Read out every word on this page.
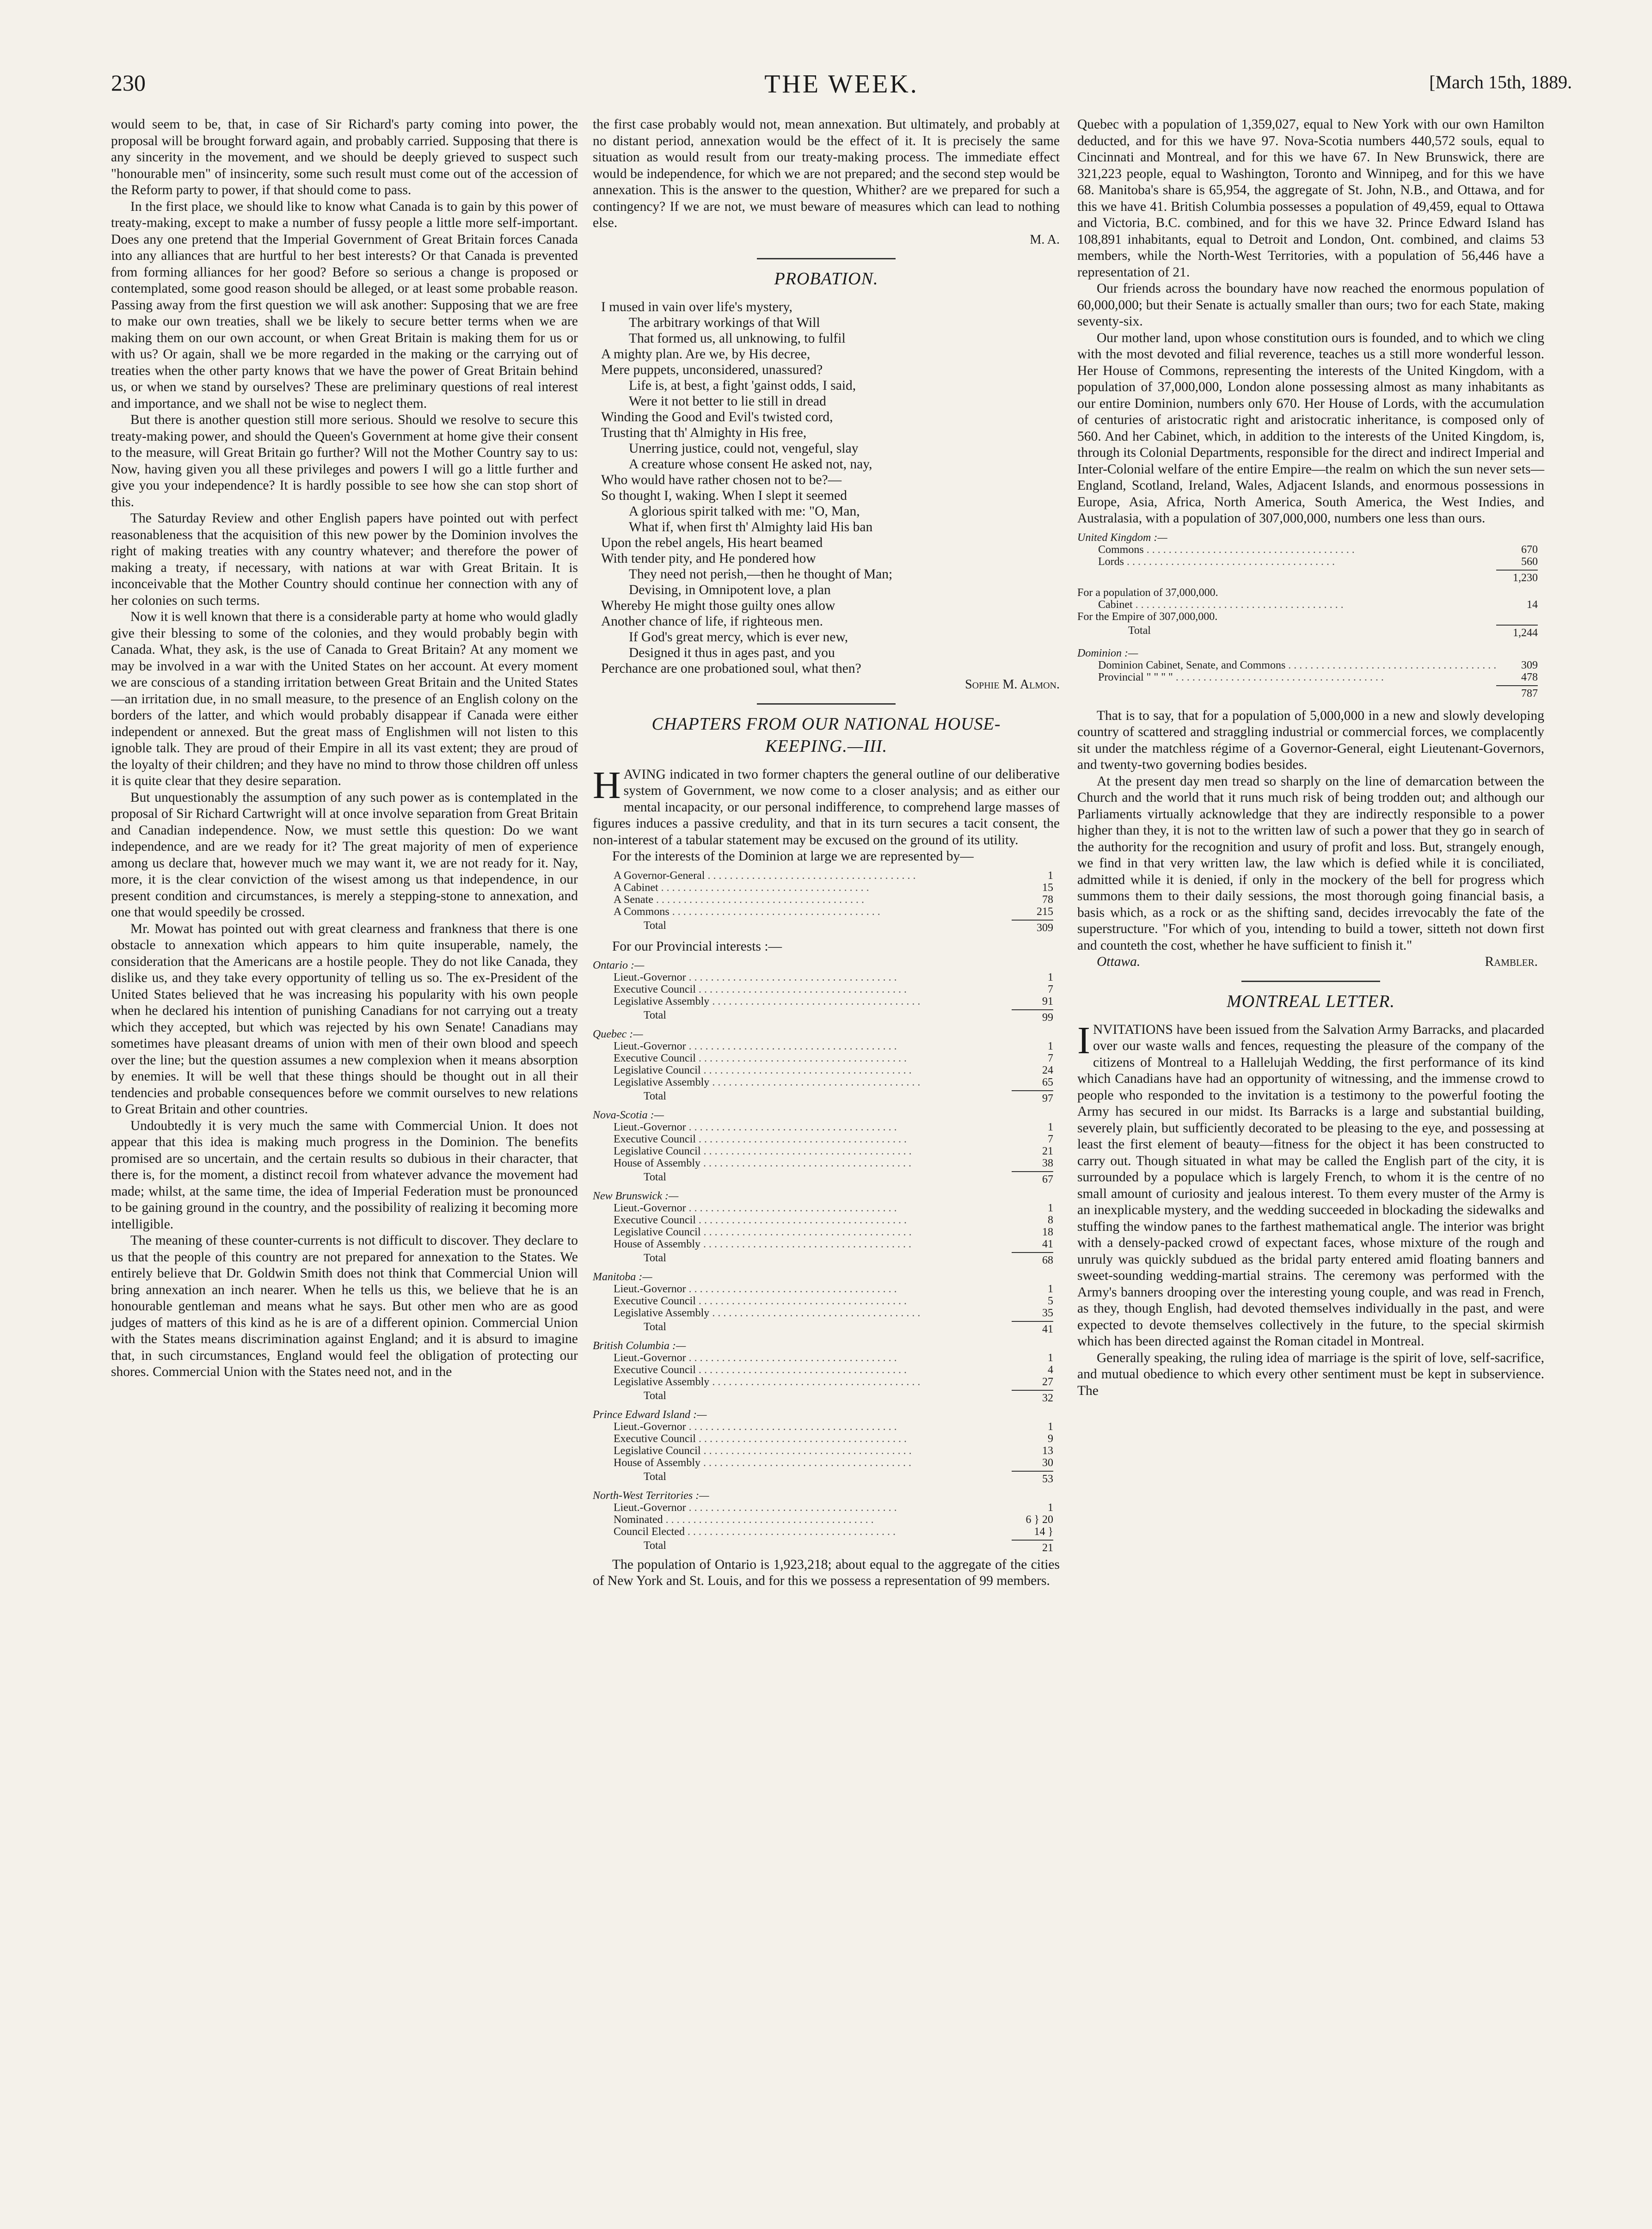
230	THE WEEK.	[March 15th, 1889.

would seem to be, that, in case of Sir Richard's party coming into power, the proposal will be brought forward again, and probably carried. Supposing that there is any sincerity in the movement, and we should be deeply grieved to suspect such "honourable men" of insincerity, some such result must come out of the accession of the Reform party to power, if that should come to pass.

In the first place, we should like to know what Canada is to gain by this power of treaty-making, except to make a number of fussy people a little more self-important. Does any one pretend that the Imperial Government of Great Britain forces Canada into any alliances that are hurtful to her best interests? Or that Canada is prevented from forming alliances for her good? Before so serious a change is proposed or contemplated, some good reason should be alleged, or at least some probable reason. Passing away from the first question we will ask another: Supposing that we are free to make our own treaties, shall we be likely to secure better terms when we are making them on our own account, or when Great Britain is making them for us or with us? Or again, shall we be more regarded in the making or the carrying out of treaties when the other party knows that we have the power of Great Britain behind us, or when we stand by ourselves? These are preliminary questions of real interest and importance, and we shall not be wise to neglect them.

But there is another question still more serious. Should we resolve to secure this treaty-making power, and should the Queen's Government at home give their consent to the measure, will Great Britain go further? Will not the Mother Country say to us: Now, having given you all these privileges and powers I will go a little further and give you your independence? It is hardly possible to see how she can stop short of this.

The Saturday Review and other English papers have pointed out with perfect reasonableness that the acquisition of this new power by the Dominion involves the right of making treaties with any country whatever; and therefore the power of making a treaty, if necessary, with nations at war with Great Britain. It is inconceivable that the Mother Country should continue her connection with any of her colonies on such terms.

Now it is well known that there is a considerable party at home who would gladly give their blessing to some of the colonies, and they would probably begin with Canada. What, they ask, is the use of Canada to Great Britain? At any moment we may be involved in a war with the United States on her account. At every moment we are conscious of a standing irritation between Great Britain and the United States—an irritation due, in no small measure, to the presence of an English colony on the borders of the latter, and which would probably disappear if Canada were either independent or annexed. But the great mass of Englishmen will not listen to this ignoble talk. They are proud of their Empire in all its vast extent; they are proud of the loyalty of their children; and they have no mind to throw those children off unless it is quite clear that they desire separation.

But unquestionably the assumption of any such power as is contemplated in the proposal of Sir Richard Cartwright will at once involve separation from Great Britain and Canadian independence. Now, we must settle this question: Do we want independence, and are we ready for it? The great majority of men of experience among us declare that, however much we may want it, we are not ready for it. Nay, more, it is the clear conviction of the wisest among us that independence, in our present condition and circumstances, is merely a stepping-stone to annexation, and one that would speedily be crossed.

Mr. Mowat has pointed out with great clearness and frankness that there is one obstacle to annexation which appears to him quite insuperable, namely, the consideration that the Americans are a hostile people. They do not like Canada, they dislike us, and they take every opportunity of telling us so. The ex-President of the United States believed that he was increasing his popularity with his own people when he declared his intention of punishing Canadians for not carrying out a treaty which they accepted, but which was rejected by his own Senate! Canadians may sometimes have pleasant dreams of union with men of their own blood and speech over the line; but the question assumes a new complexion when it means absorption by enemies. It will be well that these things should be thought out in all their tendencies and probable consequences before we commit ourselves to new relations to Great Britain and other countries.

Undoubtedly it is very much the same with Commercial Union. It does not appear that this idea is making much progress in the Dominion. The benefits promised are so uncertain, and the certain results so dubious in their character, that there is, for the moment, a distinct recoil from whatever advance the movement had made; whilst, at the same time, the idea of Imperial Federation must be pronounced to be gaining ground in the country, and the possibility of realizing it becoming more intelligible.

The meaning of these counter-currents is not difficult to discover. They declare to us that the people of this country are not prepared for annexation to the States. We entirely believe that Dr. Goldwin Smith does not think that Commercial Union will bring annexation an inch nearer. When he tells us this, we believe that he is an honourable gentleman and means what he says. But other men who are as good judges of matters of this kind as he is are of a different opinion. Commercial Union with the States means discrimination against England; and it is absurd to imagine that, in such circumstances, England would feel the obligation of protecting our shores. Commercial Union with the States need not, and in the

the first case probably would not, mean annexation. But ultimately, and probably at no distant period, annexation would be the effect of it. It is precisely the same situation as would result from our treaty-making process. The immediate effect would be independence, for which we are not prepared; and the second step would be annexation. This is the answer to the question, Whither? are we prepared for such a contingency? If we are not, we must beware of measures which can lead to nothing else.

M. A.

PROBATION.
I mused in vain over life's mystery,
The arbitrary workings of that Will
That formed us, all unknowing, to fulfil
A mighty plan. Are we, by His decree,
Mere puppets, unconsidered, unassured?
Life is, at best, a fight 'gainst odds, I said,
Were it not better to lie still in dread
Winding the Good and Evil's twisted cord,
Trusting that th' Almighty in His free,
Unerring justice, could not, vengeful, slay
A creature whose consent He asked not, nay,
Who would have rather chosen not to be?—
So thought I, waking. When I slept it seemed
A glorious spirit talked with me: "O, Man,
What if, when first th' Almighty laid His ban
Upon the rebel angels, His heart beamed
With tender pity, and He pondered how
They need not perish,—then he thought of Man;
Devising, in Omnipotent love, a plan
Whereby He might those guilty ones allow
Another chance of life, if righteous men.
If God's great mercy, which is ever new,
Designed it thus in ages past, and you
Perchance are one probationed soul, what then?

Sophie M. Almon.

CHAPTERS FROM OUR NATIONAL HOUSE-
KEEPING.—III.

HAVING indicated in two former chapters the general outline of our deliberative system of Government, we now come to a closer analysis; and as either our mental incapacity, or our personal indifference, to comprehend large masses of figures induces a passive credulity, and that in its turn secures a tacit consent, the non-interest of a tabular statement may be excused on the ground of its utility.

For the interests of the Dominion at large we are represented by—

A Governor-General . . .	1
A Cabinet . . .	15
A Senate . . .	78
A Commons . . .	215
Total	309

For our Provincial interests :—

Ontario :—
Lieut.-Governor . . .	1
Executive Council . . .	7
Legislative Assembly . . .	91
Total	99
Quebec :—
Lieut.-Governor . . .	1
Executive Council . . .	7
Legislative Council . . .	24
Legislative Assembly . . .	65
Total	97
Nova-Scotia :—
Lieut.-Governor . . .	1
Executive Council . . .	7
Legislative Council . . .	21
House of Assembly . . .	38
Total	67
New Brunswick :—
Lieut.-Governor . . .	1
Executive Council . . .	8
Legislative Council . . .	18
House of Assembly . . .	41
Total	68
Manitoba :—
Lieut.-Governor . . .	1
Executive Council . . .	5
Legislative Assembly . . .	35
Total	41
British Columbia :—
Lieut.-Governor . . .	1
Executive Council . . .	4
Legislative Assembly . . .	27
Total	32
Prince Edward Island :—
Lieut.-Governor . . .	1
Executive Council . . .	9
Legislative Council . . .	13
House of Assembly . . .	30
Total	53
North-West Territories :—
Lieut.-Governor . . .	1
Nominated . . .	6 } 20
Council Elected . . .	14 }
Total	21

The population of Ontario is 1,923,218; about equal to the aggregate of the cities of New York and St. Louis, and for this we possess a representation of 99 members.

Quebec with a population of 1,359,027, equal to New York with our own Hamilton deducted, and for this we have 97. Nova-Scotia numbers 440,572 souls, equal to Cincinnati and Montreal, and for this we have 67. In New Brunswick, there are 321,223 people, equal to Washington, Toronto and Winnipeg, and for this we have 68. Manitoba's share is 65,954, the aggregate of St. John, N.B., and Ottawa, and for this we have 41. British Columbia possesses a population of 49,459, equal to Ottawa and Victoria, B.C. combined, and for this we have 32. Prince Edward Island has 108,891 inhabitants, equal to Detroit and London, Ont. combined, and claims 53 members, while the North-West Territories, with a population of 56,446 have a representation of 21.

Our friends across the boundary have now reached the enormous population of 60,000,000; but their Senate is actually smaller than ours; two for each State, making seventy-six.

Our mother land, upon whose constitution ours is founded, and to which we cling with the most devoted and filial reverence, teaches us a still more wonderful lesson. Her House of Commons, representing the interests of the United Kingdom, with a population of 37,000,000, London alone possessing almost as many inhabitants as our entire Dominion, numbers only 670. Her House of Lords, with the accumulation of centuries of aristocratic right and aristocratic inheritance, is composed only of 560. And her Cabinet, which, in addition to the interests of the United Kingdom, is, through its Colonial Departments, responsible for the direct and indirect Imperial and Inter-Colonial welfare of the entire Empire—the realm on which the sun never sets—England, Scotland, Ireland, Wales, Adjacent Islands, and enormous possessions in Europe, Asia, Africa, North America, South America, the West Indies, and Australasia, with a population of 307,000,000, numbers one less than ours.

United Kingdom :—
Commons . . .	670
Lords . . .	560
1,230
For a population of 37,000,000.
Cabinet . . .	14
For the Empire of 307,000,000.
Total	1,244
Dominion :—
Dominion Cabinet, Senate, and Commons . . .	309
Provincial " " " " . . .	478
787

That is to say, that for a population of 5,000,000 in a new and slowly developing country of scattered and straggling industrial or commercial forces, we complacently sit under the matchless régime of a Governor-General, eight Lieutenant-Governors, and twenty-two governing bodies besides.

At the present day men tread so sharply on the line of demarcation between the Church and the world that it runs much risk of being trodden out; and although our Parliaments virtually acknowledge that they are indirectly responsible to a power higher than they, it is not to the written law of such a power that they go in search of the authority for the recognition and usury of profit and loss. But, strangely enough, we find in that very written law, the law which is defied while it is conciliated, admitted while it is denied, if only in the mockery of the bell for progress which summons them to their daily sessions, the most thorough going financial basis, a basis which, as a rock or as the shifting sand, decides irrevocably the fate of the superstructure. "For which of you, intending to build a tower, sitteth not down first and counteth the cost, whether he have sufficient to finish it."

Ottawa.	Rambler.
MONTREAL LETTER.

INVITATIONS have been issued from the Salvation Army Barracks, and placarded over our waste walls and fences, requesting the pleasure of the company of the citizens of Montreal to a Hallelujah Wedding, the first performance of its kind which Canadians have had an opportunity of witnessing, and the immense crowd to people who responded to the invitation is a testimony to the powerful footing the Army has secured in our midst. Its Barracks is a large and substantial building, severely plain, but sufficiently decorated to be pleasing to the eye, and possessing at least the first element of beauty—fitness for the object it has been constructed to carry out. Though situated in what may be called the English part of the city, it is surrounded by a populace which is largely French, to whom it is the centre of no small amount of curiosity and jealous interest. To them every muster of the Army is an inexplicable mystery, and the wedding succeeded in blockading the sidewalks and stuffing the window panes to the farthest mathematical angle. The interior was bright with a densely-packed crowd of expectant faces, whose mixture of the rough and unruly was quickly subdued as the bridal party entered amid floating banners and sweet-sounding wedding-martial strains. The ceremony was performed with the Army's banners drooping over the interesting young couple, and was read in French, as they, though English, had devoted themselves individually in the past, and were expected to devote themselves collectively in the future, to the special skirmish which has been directed against the Roman citadel in Montreal.

Generally speaking, the ruling idea of marriage is the spirit of love, self-sacrifice, and mutual obedience to which every other sentiment must be kept in subservience. The
